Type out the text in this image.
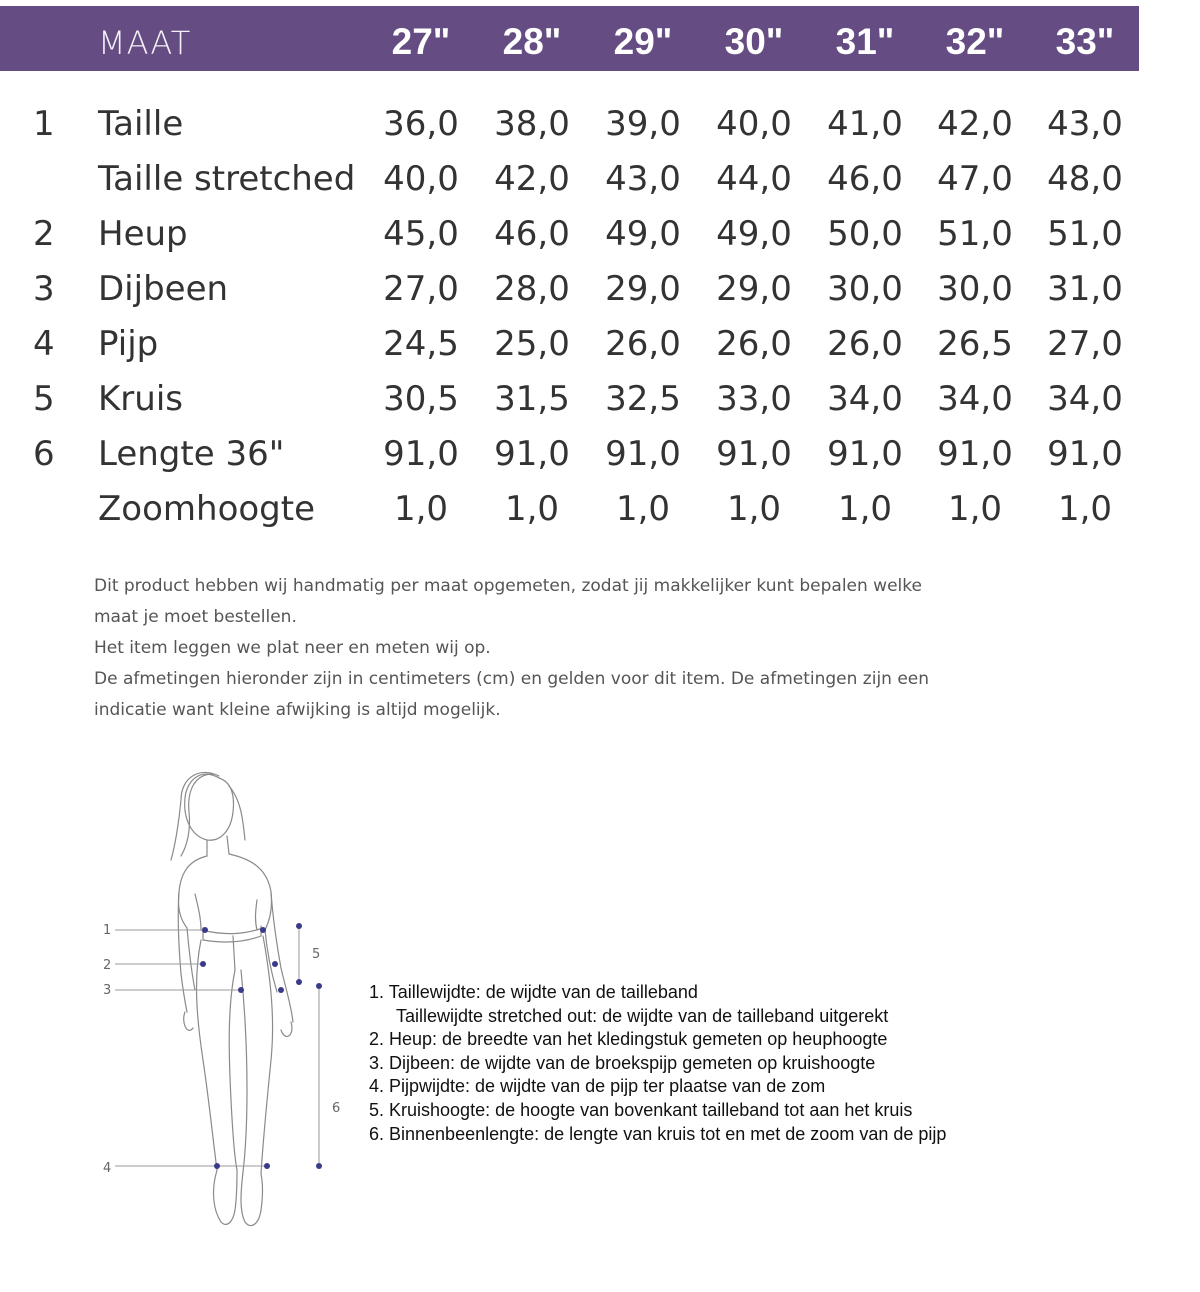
MAAT	27"	28"	29"	30"	31"	32"	33"
1 Taille	36,0	38,0	39,0	40,0	41,0	42,0	43,0
Taille stretched 40,0	42,0	43,0	44,0	46,0	47,0	48,0
2 Heup	45,0	46,0	49,0	49,0	50,0	51,0	51,0
3 Dijbeen	27,0	28,0	29,0	29,0	30,0	30,0	31,0
4 Pijp	24,5	25,0	26,0	26,0	26,0	26,5	27,0
5 Kruis	30,5	31,5	32,5	33,0	34,0	34,0	34,0
6 Lengte 36"	91,0	91,0	91,0	91,0	91,0	91,0	91,0
Zoomhoogte	1,0	1,0	1,0	1,0	1,0	1,0	1,0

Dit product hebben wij handmatig per maat opgemeten, zodat jij makkelijker kunt bepalen welke

maat je moet bestellen.

Het item leggen we plat neer en meten wij op.

De afmetingen hieronder zijn in centimeters (cm) en gelden voor dit item. De afmetingen zijn een

indicatie want kleine afwijking is altijd mogelijk.

1
2
3
4
5
6
1. Taillewijdte: de wijdte van de tailleband
Taillewijdte stretched out: de wijdte van de tailleband uitgerekt
2. Heup: de breedte van het kledingstuk gemeten op heuphoogte
3. Dijbeen: de wijdte van de broekspijp gemeten op kruishoogte
4. Pijpwijdte: de wijdte van de pijp ter plaatse van de zom
5. Kruishoogte: de hoogte van bovenkant tailleband tot aan het kruis
6. Binnenbeenlengte: de lengte van kruis tot en met de zoom van de pijp
